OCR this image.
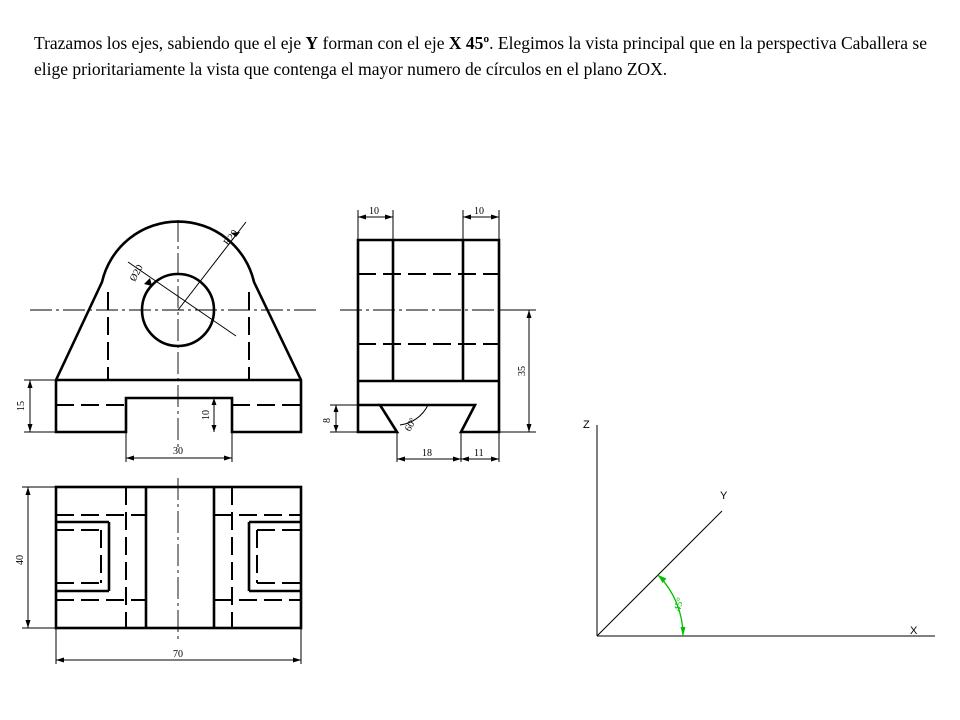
Trazamos los ejes, sabiendo que el eje Y forman con el eje X 45º. Elegimos la vista principal que en la perspectiva Caballera se elige prioritariamente la vista que contenga el mayor numero de círculos en el plano ZOX.
R20
Ø20
15
10
30
10	10
35
8	60º
18	11
40
70
Z
Y
X
45°
